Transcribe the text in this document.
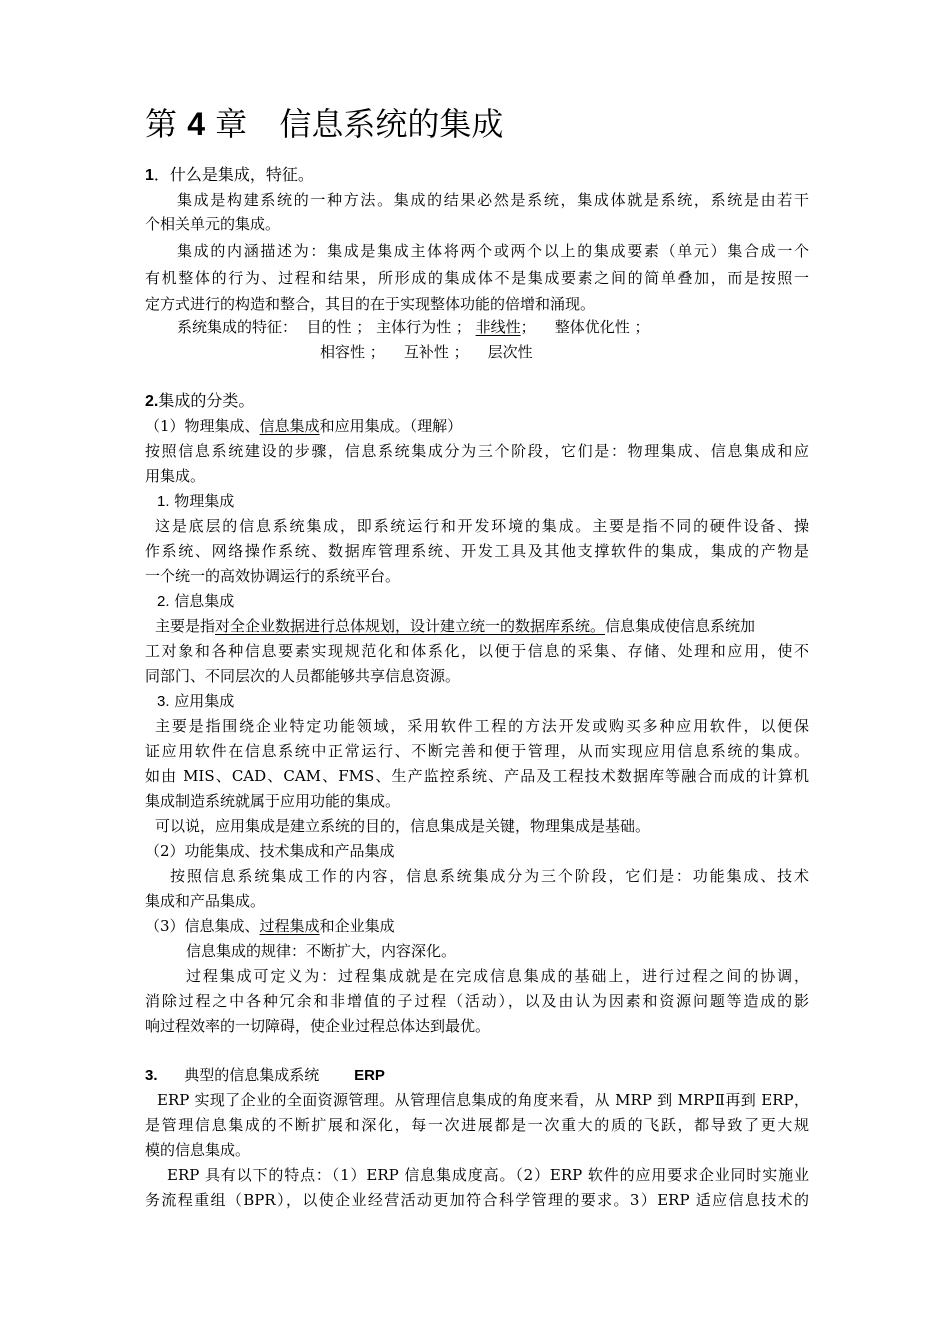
第 4 章 信息系统的集成
1．什么是集成，特征。
集成是构建系统的一种方法。集成的结果必然是系统，集成体就是系统，系统是由若干
个相关单元的集成。
集成的内涵描述为：集成是集成主体将两个或两个以上的集成要素（单元）集合成一个
有机整体的行为、过程和结果，所形成的集成体不是集成要素之间的简单叠加，而是按照一
定方式进行的构造和整合，其目的在于实现整体功能的倍增和涌现。
系统集成的特征：  目的性 ； 主体行为性 ； 非线性；    整体优化性 ；
相容性 ；    互补性 ；    层次性
2.集成的分类。
（1）物理集成、信息集成和应用集成。（理解）
按照信息系统建设的步骤，信息系统集成分为三个阶段，它们是：物理集成、信息集成和应
用集成。
1. 物理集成
这是底层的信息系统集成，即系统运行和开发环境的集成。主要是指不同的硬件设备、操
作系统、网络操作系统、数据库管理系统、开发工具及其他支撑软件的集成，集成的产物是
一个统一的高效协调运行的系统平台。
2. 信息集成
主要是指对全企业数据进行总体规划，设计建立统一的数据库系统。信息集成使信息系统加
工对象和各种信息要素实现规范化和体系化，以便于信息的采集、存储、处理和应用，使不
同部门、不同层次的人员都能够共享信息资源。
3. 应用集成
主要是指围绕企业特定功能领域，采用软件工程的方法开发或购买多种应用软件，以便保
证应用软件在信息系统中正常运行、不断完善和便于管理，从而实现应用信息系统的集成。
如由 MIS、CAD、CAM、FMS、生产监控系统、产品及工程技术数据库等融合而成的计算机
集成制造系统就属于应用功能的集成。
可以说，应用集成是建立系统的目的，信息集成是关键，物理集成是基础。
（2）功能集成、技术集成和产品集成
按照信息系统集成工作的内容，信息系统集成分为三个阶段，它们是：功能集成、技术
集成和产品集成。
（3）信息集成、过程集成和企业集成
信息集成的规律：不断扩大，内容深化。
过程集成可定义为：过程集成就是在完成信息集成的基础上，进行过程之间的协调，
消除过程之中各种冗余和非增值的子过程（活动），以及由认为因素和资源问题等造成的影
响过程效率的一切障碍，使企业过程总体达到最优。
3. 典型的信息集成系统 ERP
ERP 实现了企业的全面资源管理。从管理信息集成的角度来看，从 MRP 到 MRPⅡ再到 ERP，
是管理信息集成的不断扩展和深化，每一次进展都是一次重大的质的飞跃，都导致了更大规
模的信息集成。
ERP 具有以下的特点：（1）ERP 信息集成度高。（2）ERP 软件的应用要求企业同时实施业
务流程重组（BPR），以使企业经营活动更加符合科学管理的要求。3）ERP 适应信息技术的
